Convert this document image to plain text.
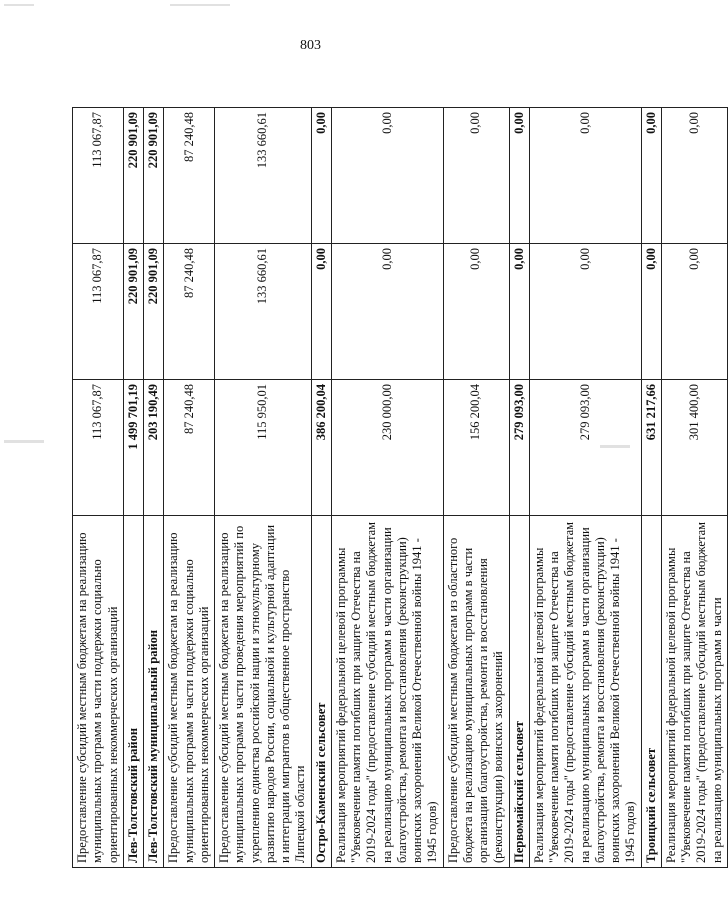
803
Предоставление субсидий местным бюджетам на реализацию муниципальных программ в части поддержки социально ориентированных некоммерческих организаций	113 067,87	113 067,87	113 067,87
Лев-Толстовский район	1 499 701,19	220 901,09	220 901,09
Лев-Толстовский муниципальный район	203 190,49	220 901,09	220 901,09
Предоставление субсидий местным бюджетам на реализацию муниципальных программ в части поддержки социально ориентированных некоммерческих организаций	87 240,48	87 240,48	87 240,48
Предоставление субсидий местным бюджетам на реализацию муниципальных программ в части проведения мероприятий по укреплению единства российской нации и этнокультурному развитию народов России, социальной и культурной адаптации и интеграции мигрантов в общественное пространство Липецкой области	115 950,01	133 660,61	133 660,61
Остро-Каменский сельсовет	386 200,04	0,00	0,00
Реализация мероприятий федеральной целевой программы "Увековечение памяти погибших при защите Отечества на 2019-2024 годы" (предоставление субсидий местным бюджетам на реализацию муниципальных программ в части организации благоустройства, ремонта и восстановления (реконструкции) воинских захоронений Великой Отечественной войны 1941 - 1945 годов)	230 000,00	0,00	0,00
Предоставление субсидий местным бюджетам из областного бюджета на реализацию муниципальных программ в части организации благоустройства, ремонта и восстановления (реконструкции) воинских захоронений	156 200,04	0,00	0,00
Первомайский сельсовет	279 093,00	0,00	0,00
Реализация мероприятий федеральной целевой программы "Увековечение памяти погибших при защите Отечества на 2019-2024 годы" (предоставление субсидий местным бюджетам на реализацию муниципальных программ в части организации благоустройства, ремонта и восстановления (реконструкции) воинских захоронений Великой Отечественной войны 1941 - 1945 годов)	279 093,00	0,00	0,00
Троицкий сельсовет	631 217,66	0,00	0,00
Реализация мероприятий федеральной целевой программы "Увековечение памяти погибших при защите Отечества на 2019-2024 годы" (предоставление субсидий местным бюджетам на реализацию муниципальных программ в части	301 400,00	0,00	0,00
